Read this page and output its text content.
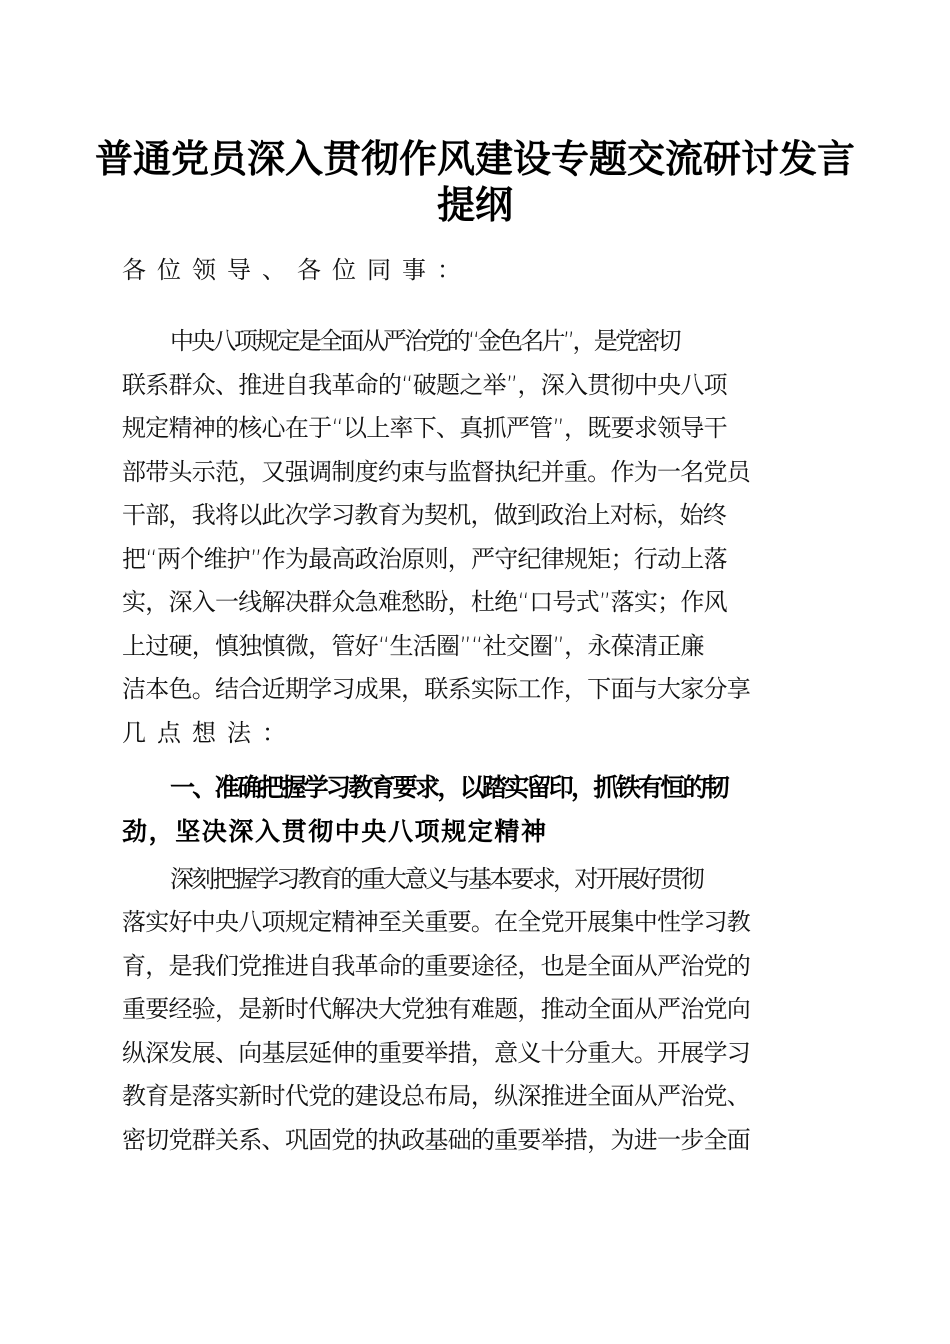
普通党员深入贯彻作风建设专题交流研讨发言
提纲
各位领导、各位同事：
中央八项规定是全面从严治党的“金色名片”，是党密切
联系群众、推进自我革命的“破题之举”，深入贯彻中央八项
规定精神的核心在于“以上率下、真抓严管”，既要求领导干
部带头示范，又强调制度约束与监督执纪并重。作为一名党员
干部，我将以此次学习教育为契机，做到政治上对标，始终
把“两个维护”作为最高政治原则，严守纪律规矩；行动上落
实，深入一线解决群众急难愁盼，杜绝“口号式”落实；作风
上过硬，慎独慎微，管好“生活圈”“社交圈”，永葆清正廉
洁本色。结合近期学习成果，联系实际工作，下面与大家分享
几点想法：
一、准确把握学习教育要求，以踏实留印，抓铁有恒的韧
劲，坚决深入贯彻中央八项规定精神
深刻把握学习教育的重大意义与基本要求，对开展好贯彻
落实好中央八项规定精神至关重要。在全党开展集中性学习教
育，是我们党推进自我革命的重要途径，也是全面从严治党的
重要经验，是新时代解决大党独有难题，推动全面从严治党向
纵深发展、向基层延伸的重要举措，意义十分重大。开展学习
教育是落实新时代党的建设总布局，纵深推进全面从严治党、
密切党群关系、巩固党的执政基础的重要举措，为进一步全面
